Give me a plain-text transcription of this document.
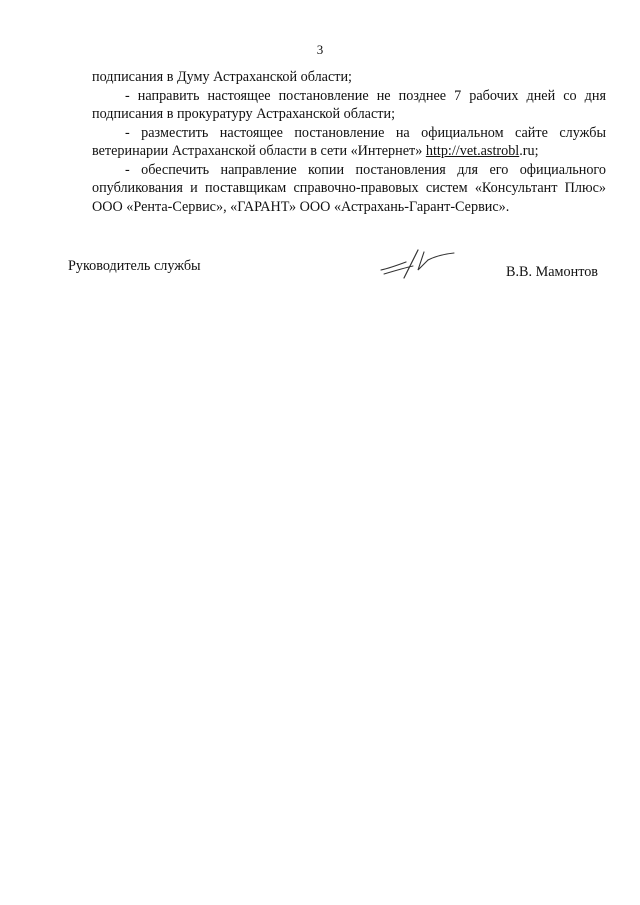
3

подписания в Думу Астраханской области;

- направить настоящее постановление не позднее 7 рабочих дней со дня подписания в прокуратуру Астраханской области;

- разместить настоящее постановление на официальном сайте службы ветеринарии Астраханской области в сети «Интернет» http://vet.astrobl.ru;

- обеспечить направление копии постановления для его официального опубликования и поставщикам справочно-правовых систем «Консультант Плюс» ООО «Рента-Сервис», «ГАРАНТ» ООО «Астрахань-Гарант-Сервис».

Руководитель службы	В.В. Мамонтов
